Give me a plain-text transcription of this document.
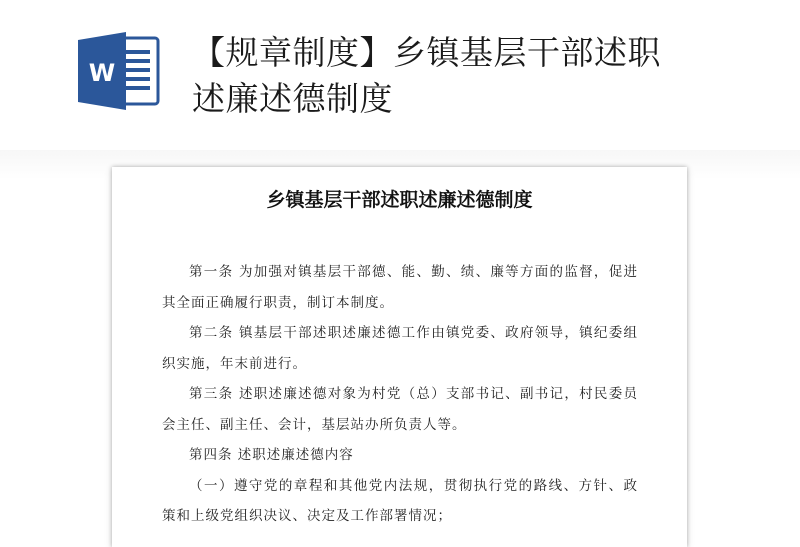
W
【规章制度】乡镇基层干部述职
述廉述德制度
乡镇基层干部述职述廉述德制度

第一条 为加强对镇基层干部德、能、勤、绩、廉等方面的监督，促进其全面正确履行职责，制订本制度。

第二条 镇基层干部述职述廉述德工作由镇党委、政府领导，镇纪委组织实施，年末前进行。

第三条 述职述廉述德对象为村党（总）支部书记、副书记，村民委员会主任、副主任、会计，基层站办所负责人等。

第四条 述职述廉述德内容

（一）遵守党的章程和其他党内法规，贯彻执行党的路线、方针、政策和上级党组织决议、决定及工作部署情况；
